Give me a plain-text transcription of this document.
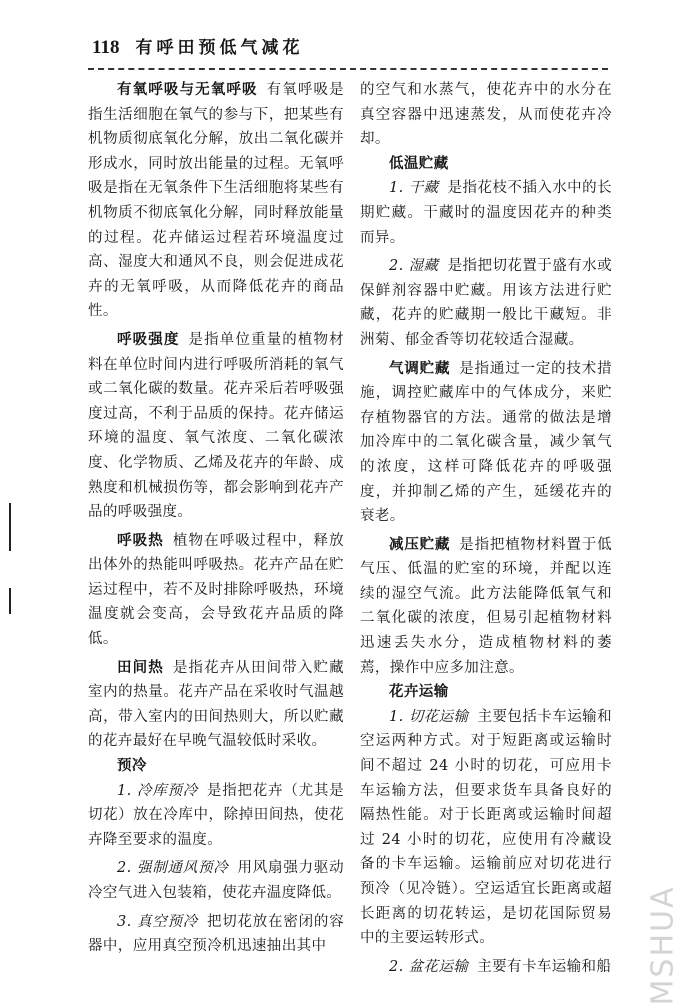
118 有呼田预低气减花

有氧呼吸与无氧呼吸 有氧呼吸是指生活细胞在氧气的参与下，把某些有机物质彻底氧化分解，放出二氧化碳并形成水，同时放出能量的过程。无氧呼吸是指在无氧条件下生活细胞将某些有机物质不彻底氧化分解，同时释放能量的过程。花卉储运过程若环境温度过高、湿度大和通风不良，则会促进成花卉的无氧呼吸，从而降低花卉的商品性。

呼吸强度 是指单位重量的植物材料在单位时间内进行呼吸所消耗的氧气或二氧化碳的数量。花卉采后若呼吸强度过高，不利于品质的保持。花卉储运环境的温度、氧气浓度、二氧化碳浓度、化学物质、乙烯及花卉的年龄、成熟度和机械损伤等，都会影响到花卉产品的呼吸强度。

呼吸热 植物在呼吸过程中，释放出体外的热能叫呼吸热。花卉产品在贮运过程中，若不及时排除呼吸热，环境温度就会变高，会导致花卉品质的降低。

田间热 是指花卉从田间带入贮藏室内的热量。花卉产品在采收时气温越高，带入室内的田间热则大，所以贮藏的花卉最好在早晚气温较低时采收。

预冷

1. 冷库预冷 是指把花卉（尤其是切花）放在冷库中，除掉田间热，使花卉降至要求的温度。

2. 强制通风预冷 用风扇强力驱动冷空气进入包装箱，使花卉温度降低。

3. 真空预冷 把切花放在密闭的容器中，应用真空预冷机迅速抽出其中

的空气和水蒸气，使花卉中的水分在真空容器中迅速蒸发，从而使花卉冷却。

低温贮藏

1. 干藏 是指花枝不插入水中的长期贮藏。干藏时的温度因花卉的种类而异。

2. 湿藏 是指把切花置于盛有水或保鲜剂容器中贮藏。用该方法进行贮藏，花卉的贮藏期一般比干藏短。非洲菊、郁金香等切花较适合湿藏。

气调贮藏 是指通过一定的技术措施，调控贮藏库中的气体成分，来贮存植物器官的方法。通常的做法是增加冷库中的二氧化碳含量，减少氧气的浓度，这样可降低花卉的呼吸强度，并抑制乙烯的产生，延缓花卉的衰老。

减压贮藏 是指把植物材料置于低气压、低温的贮室的环境，并配以连续的湿空气流。此方法能降低氧气和二氧化碳的浓度，但易引起植物材料迅速丢失水分，造成植物材料的萎蔫，操作中应多加注意。

花卉运输

1. 切花运输 主要包括卡车运输和空运两种方式。对于短距离或运输时间不超过 24 小时的切花，可应用卡车运输方法，但要求货车具备良好的隔热性能。对于长距离或运输时间超过 24 小时的切花，应使用有冷藏设备的卡车运输。运输前应对切花进行预冷（见冷链）。空运适宜长距离或超长距离的切花转运，是切花国际贸易中的主要运转形式。

2. 盆花运输 主要有卡车运输和船 MSHUA
